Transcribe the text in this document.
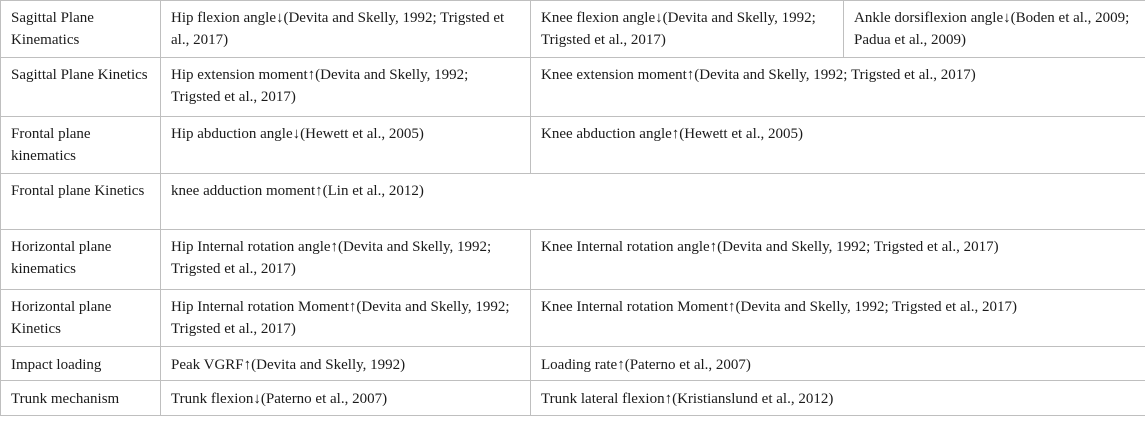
Sagittal Plane Kinematics	Hip flexion angle↓(Devita and Skelly, 1992; Trigsted et al., 2017)	Knee flexion angle↓(Devita and Skelly, 1992; Trigsted et al., 2017)	Ankle dorsiflexion angle↓(Boden et al., 2009; Padua et al., 2009)
Sagittal Plane Kinetics	Hip extension moment↑(Devita and Skelly, 1992; Trigsted et al., 2017)	Knee extension moment↑(Devita and Skelly, 1992; Trigsted et al., 2017)	
Frontal plane kinematics	Hip abduction angle↓(Hewett et al., 2005)	Knee abduction angle↑(Hewett et al., 2005)	
Frontal plane Kinetics	knee adduction moment↑(Lin et al., 2012)		
Horizontal plane kinematics	Hip Internal rotation angle↑(Devita and Skelly, 1992; Trigsted et al., 2017)	Knee Internal rotation angle↑(Devita and Skelly, 1992; Trigsted et al., 2017)	
Horizontal plane Kinetics	Hip Internal rotation Moment↑(Devita and Skelly, 1992; Trigsted et al., 2017)	Knee Internal rotation Moment↑(Devita and Skelly, 1992; Trigsted et al., 2017)	
Impact loading	Peak VGRF↑(Devita and Skelly, 1992)	Loading rate↑(Paterno et al., 2007)	
Trunk mechanism	Trunk flexion↓(Paterno et al., 2007)	Trunk lateral flexion↑(Kristianslund et al., 2012)	
